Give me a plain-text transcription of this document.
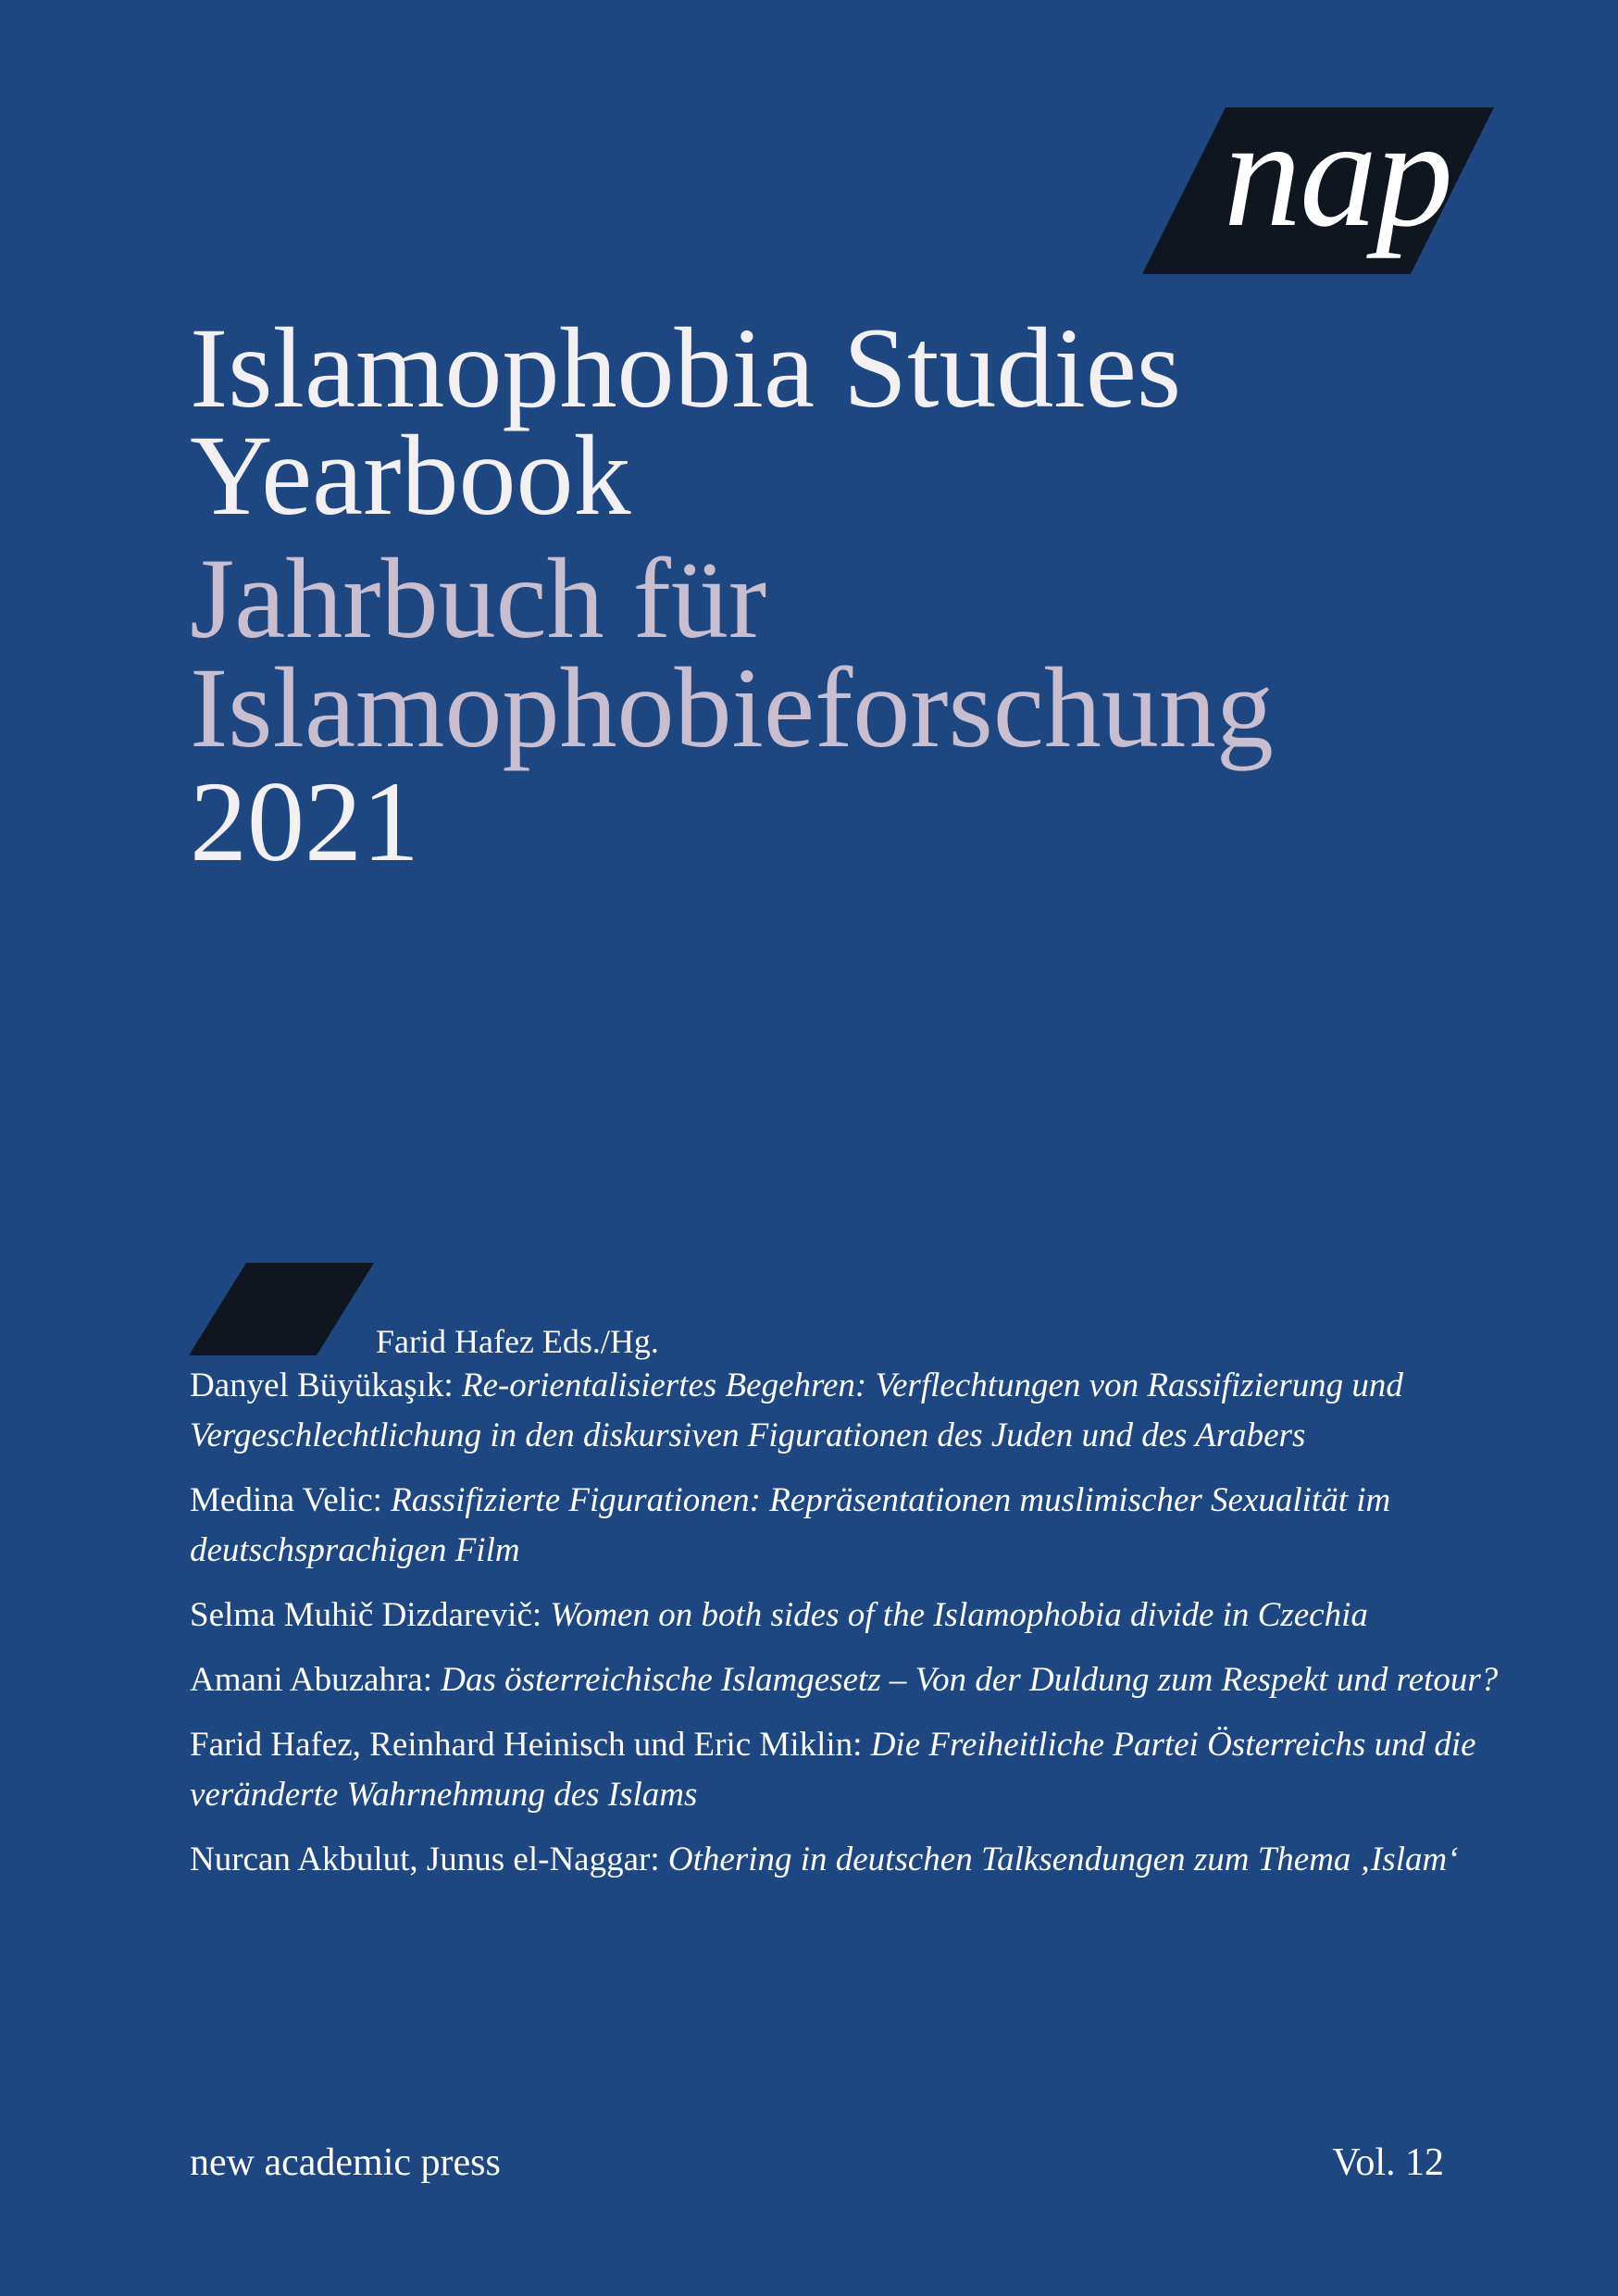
nap
Islamophobia Studies
Yearbook
Jahrbuch für
Islamophobieforschung
2021
Farid Hafez Eds./Hg.

Danyel Büyükaşık: Re-orientalisiertes Begehren: Verflechtungen von Rassifizierung und Vergeschlechtlichung in den diskursiven Figurationen des Juden und des Arabers

Medina Velic: Rassifizierte Figurationen: Repräsentationen muslimischer Sexualität im deutschsprachigen Film

Selma Muhič Dizdarevič: Women on both sides of the Islamophobia divide in Czechia

Amani Abuzahra: Das österreichische Islamgesetz – Von der Duldung zum Respekt und retour?

Farid Hafez, Reinhard Heinisch und Eric Miklin: Die Freiheitliche Partei Österreichs und die veränderte Wahrnehmung des Islams

Nurcan Akbulut, Junus el-Naggar: Othering in deutschen Talksendungen zum Thema ‚Islam‘

new academic press	Vol. 12
